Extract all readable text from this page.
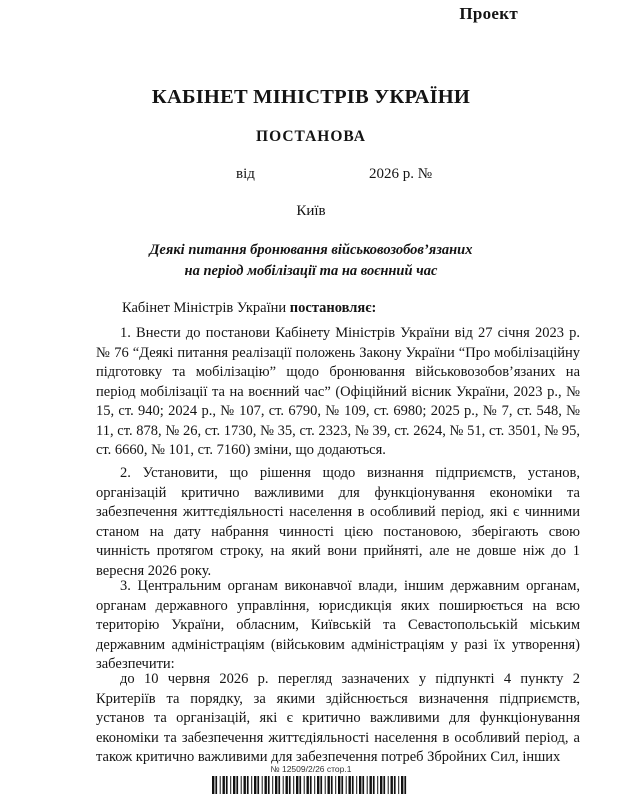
Проект
КАБІНЕТ МІНІСТРІВ УКРАЇНИ
ПОСТАНОВА
від	2026 р. №
Київ
Деякі питання бронювання військовозобов’язаних
на період мобілізації та на воєнний час
Кабінет Міністрів України постановляє:
1. Внести до постанови Кабінету Міністрів України від 27 січня 2023 р. № 76 “Деякі питання реалізації положень Закону України “Про мобілізаційну підготовку та мобілізацію” щодо бронювання військовозобов’язаних на період мобілізації та на воєнний час” (Офіційний вісник України, 2023 р., № 15, ст. 940; 2024 р., № 107, ст. 6790, № 109, ст. 6980; 2025 р., № 7, ст. 548, № 11, ст. 878, № 26, ст. 1730, № 35, ст. 2323, № 39, ст. 2624, № 51, ст. 3501, № 95, ст. 6660, № 101, ст. 7160) зміни, що додаються.
2. Установити, що рішення щодо визнання підприємств, установ, організацій критично важливими для функціонування економіки та забезпечення життєдіяльності населення в особливий період, які є чинними станом на дату набрання чинності цією постановою, зберігають свою чинність протягом строку, на який вони прийняті, але не довше ніж до 1 вересня 2026 року.
3. Центральним органам виконавчої влади, іншим державним органам, органам державного управління, юрисдикція яких поширюється на всю територію України, обласним, Київській та Севастопольській міським державним адміністраціям (військовим адміністраціям у разі їх утворення) забезпечити:
до 10 червня 2026 р. перегляд зазначених у підпункті 4 пункту 2 Критеріїв та порядку, за якими здійснюється визначення підприємств, установ та організацій, які є критично важливими для функціонування економіки та забезпечення життєдіяльності населення в особливий період, а також критично важливими для забезпечення потреб Збройних Сил, інших
№ 12509/2/26 стор.1
